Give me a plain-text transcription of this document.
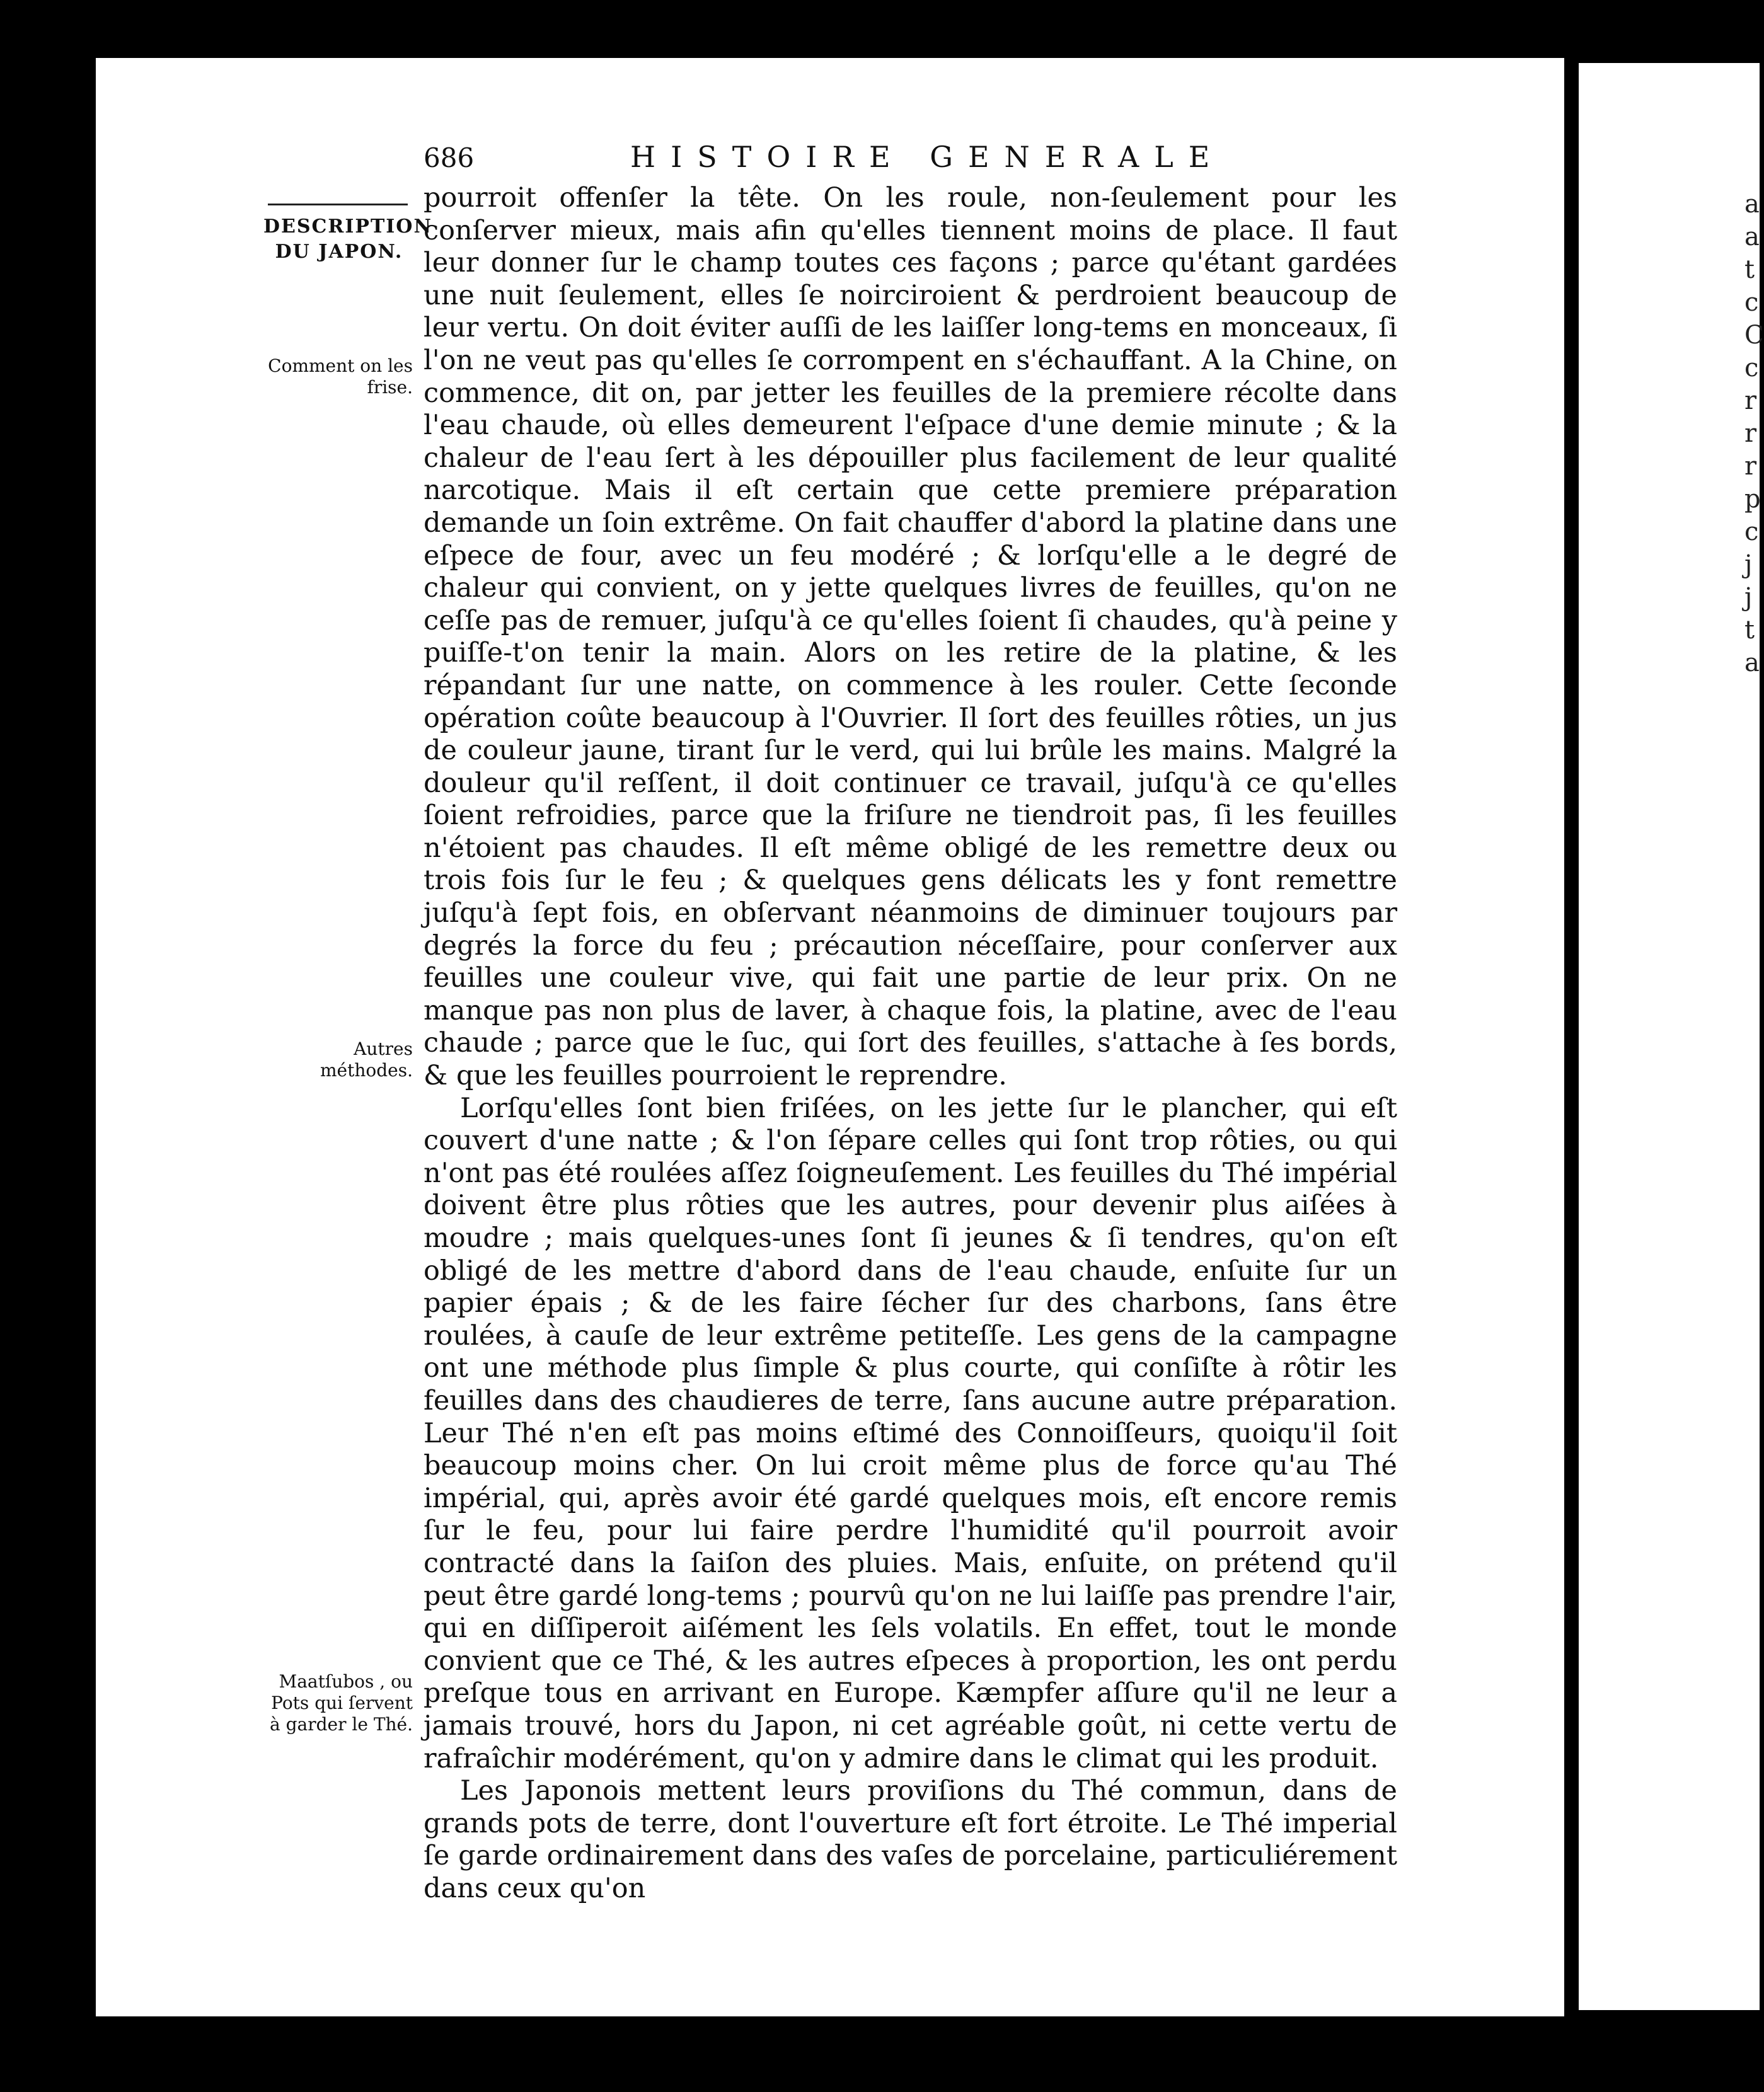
a
a
t
c
C
c
r
r
r
p
c
j
j
t
a
686	HISTOIRE GENERALE
DESCRIPTION DU JAPON.
Comment on les frise.
Autres méthodes.
Maatſubos , ou Pots qui ſervent à garder le Thé.

pourroit offenſer la tête. On les roule, non-ſeulement pour les conſerver mieux, mais afin qu'elles tiennent moins de place. Il faut leur donner ſur le champ toutes ces façons ; parce qu'étant gardées une nuit ſeulement, elles ſe noirciroient & perdroient beaucoup de leur vertu. On doit éviter auſſi de les laiſſer long-tems en monceaux, ſi l'on ne veut pas qu'elles ſe corrompent en s'échauffant. A la Chine, on commence, dit on, par jetter les feuilles de la premiere récolte dans l'eau chaude, où elles demeurent l'eſpace d'une demie minute ; & la chaleur de l'eau ſert à les dépouiller plus facilement de leur qualité narcotique. Mais il eſt certain que cette premiere préparation demande un ſoin extrême. On fait chauffer d'abord la platine dans une eſpece de four, avec un feu modéré ; & lorſqu'elle a le degré de chaleur qui convient, on y jette quelques livres de feuilles, qu'on ne ceſſe pas de remuer, juſqu'à ce qu'elles ſoient ſi chaudes, qu'à peine y puiſſe-t'on tenir la main. Alors on les retire de la platine, & les répandant ſur une natte, on commence à les rouler. Cette ſeconde opération coûte beaucoup à l'Ouvrier. Il ſort des feuilles rôties, un jus de couleur jaune, tirant ſur le verd, qui lui brûle les mains. Malgré la douleur qu'il reſſent, il doit continuer ce travail, juſqu'à ce qu'elles ſoient refroidies, parce que la friſure ne tiendroit pas, ſi les feuilles n'étoient pas chaudes. Il eſt même obligé de les remettre deux ou trois fois ſur le feu ; & quelques gens délicats les y font remettre juſqu'à ſept fois, en obſervant néanmoins de diminuer toujours par degrés la force du feu ; précaution néceſſaire, pour conſerver aux feuilles une couleur vive, qui fait une partie de leur prix. On ne manque pas non plus de laver, à chaque fois, la platine, avec de l'eau chaude ; parce que le ſuc, qui ſort des feuilles, s'attache à ſes bords, & que les feuilles pourroient le reprendre.

Lorſqu'elles ſont bien friſées, on les jette ſur le plancher, qui eſt couvert d'une natte ; & l'on ſépare celles qui ſont trop rôties, ou qui n'ont pas été roulées aſſez ſoigneuſement. Les feuilles du Thé impérial doivent être plus rôties que les autres, pour devenir plus aiſées à moudre ; mais quelques-unes ſont ſi jeunes & ſi tendres, qu'on eſt obligé de les mettre d'abord dans de l'eau chaude, enſuite ſur un papier épais ; & de les faire ſécher ſur des charbons, ſans être roulées, à cauſe de leur extrême petiteſſe. Les gens de la campagne ont une méthode plus ſimple & plus courte, qui conſiſte à rôtir les feuilles dans des chaudieres de terre, ſans aucune autre préparation. Leur Thé n'en eſt pas moins eſtimé des Connoiſſeurs, quoiqu'il ſoit beaucoup moins cher. On lui croit même plus de force qu'au Thé impérial, qui, après avoir été gardé quelques mois, eſt encore remis ſur le feu, pour lui faire perdre l'humidité qu'il pourroit avoir contracté dans la ſaiſon des pluies. Mais, enſuite, on prétend qu'il peut être gardé long-tems ; pourvû qu'on ne lui laiſſe pas prendre l'air, qui en diſſiperoit aiſément les ſels volatils. En effet, tout le monde convient que ce Thé, & les autres eſpeces à proportion, les ont perdu preſque tous en arrivant en Europe. Kæmpfer aſſure qu'il ne leur a jamais trouvé, hors du Japon, ni cet agréable goût, ni cette vertu de rafraîchir modérément, qu'on y admire dans le climat qui les produit.

Les Japonois mettent leurs proviſions du Thé commun, dans de grands pots de terre, dont l'ouverture eſt fort étroite. Le Thé imperial ſe garde ordinairement dans des vaſes de porcelaine, particuliérement dans ceux qu'on
